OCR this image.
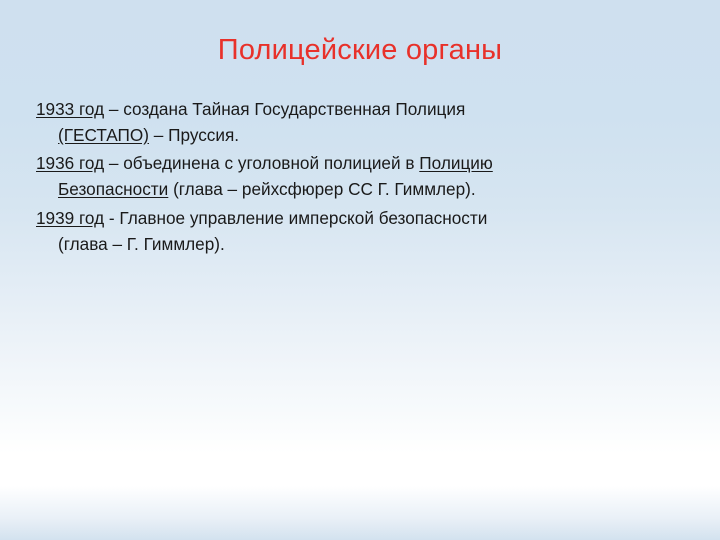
Полицейские органы

1933 год – создана Тайная Государственная Полиция
(ГЕСТАПО) – Пруссия.

1936 год – объединена с уголовной полицией в Полицию
Безопасности (глава – рейхсфюрер СС Г. Гиммлер).

1939 год - Главное управление имперской безопасности
(глава – Г. Гиммлер).
